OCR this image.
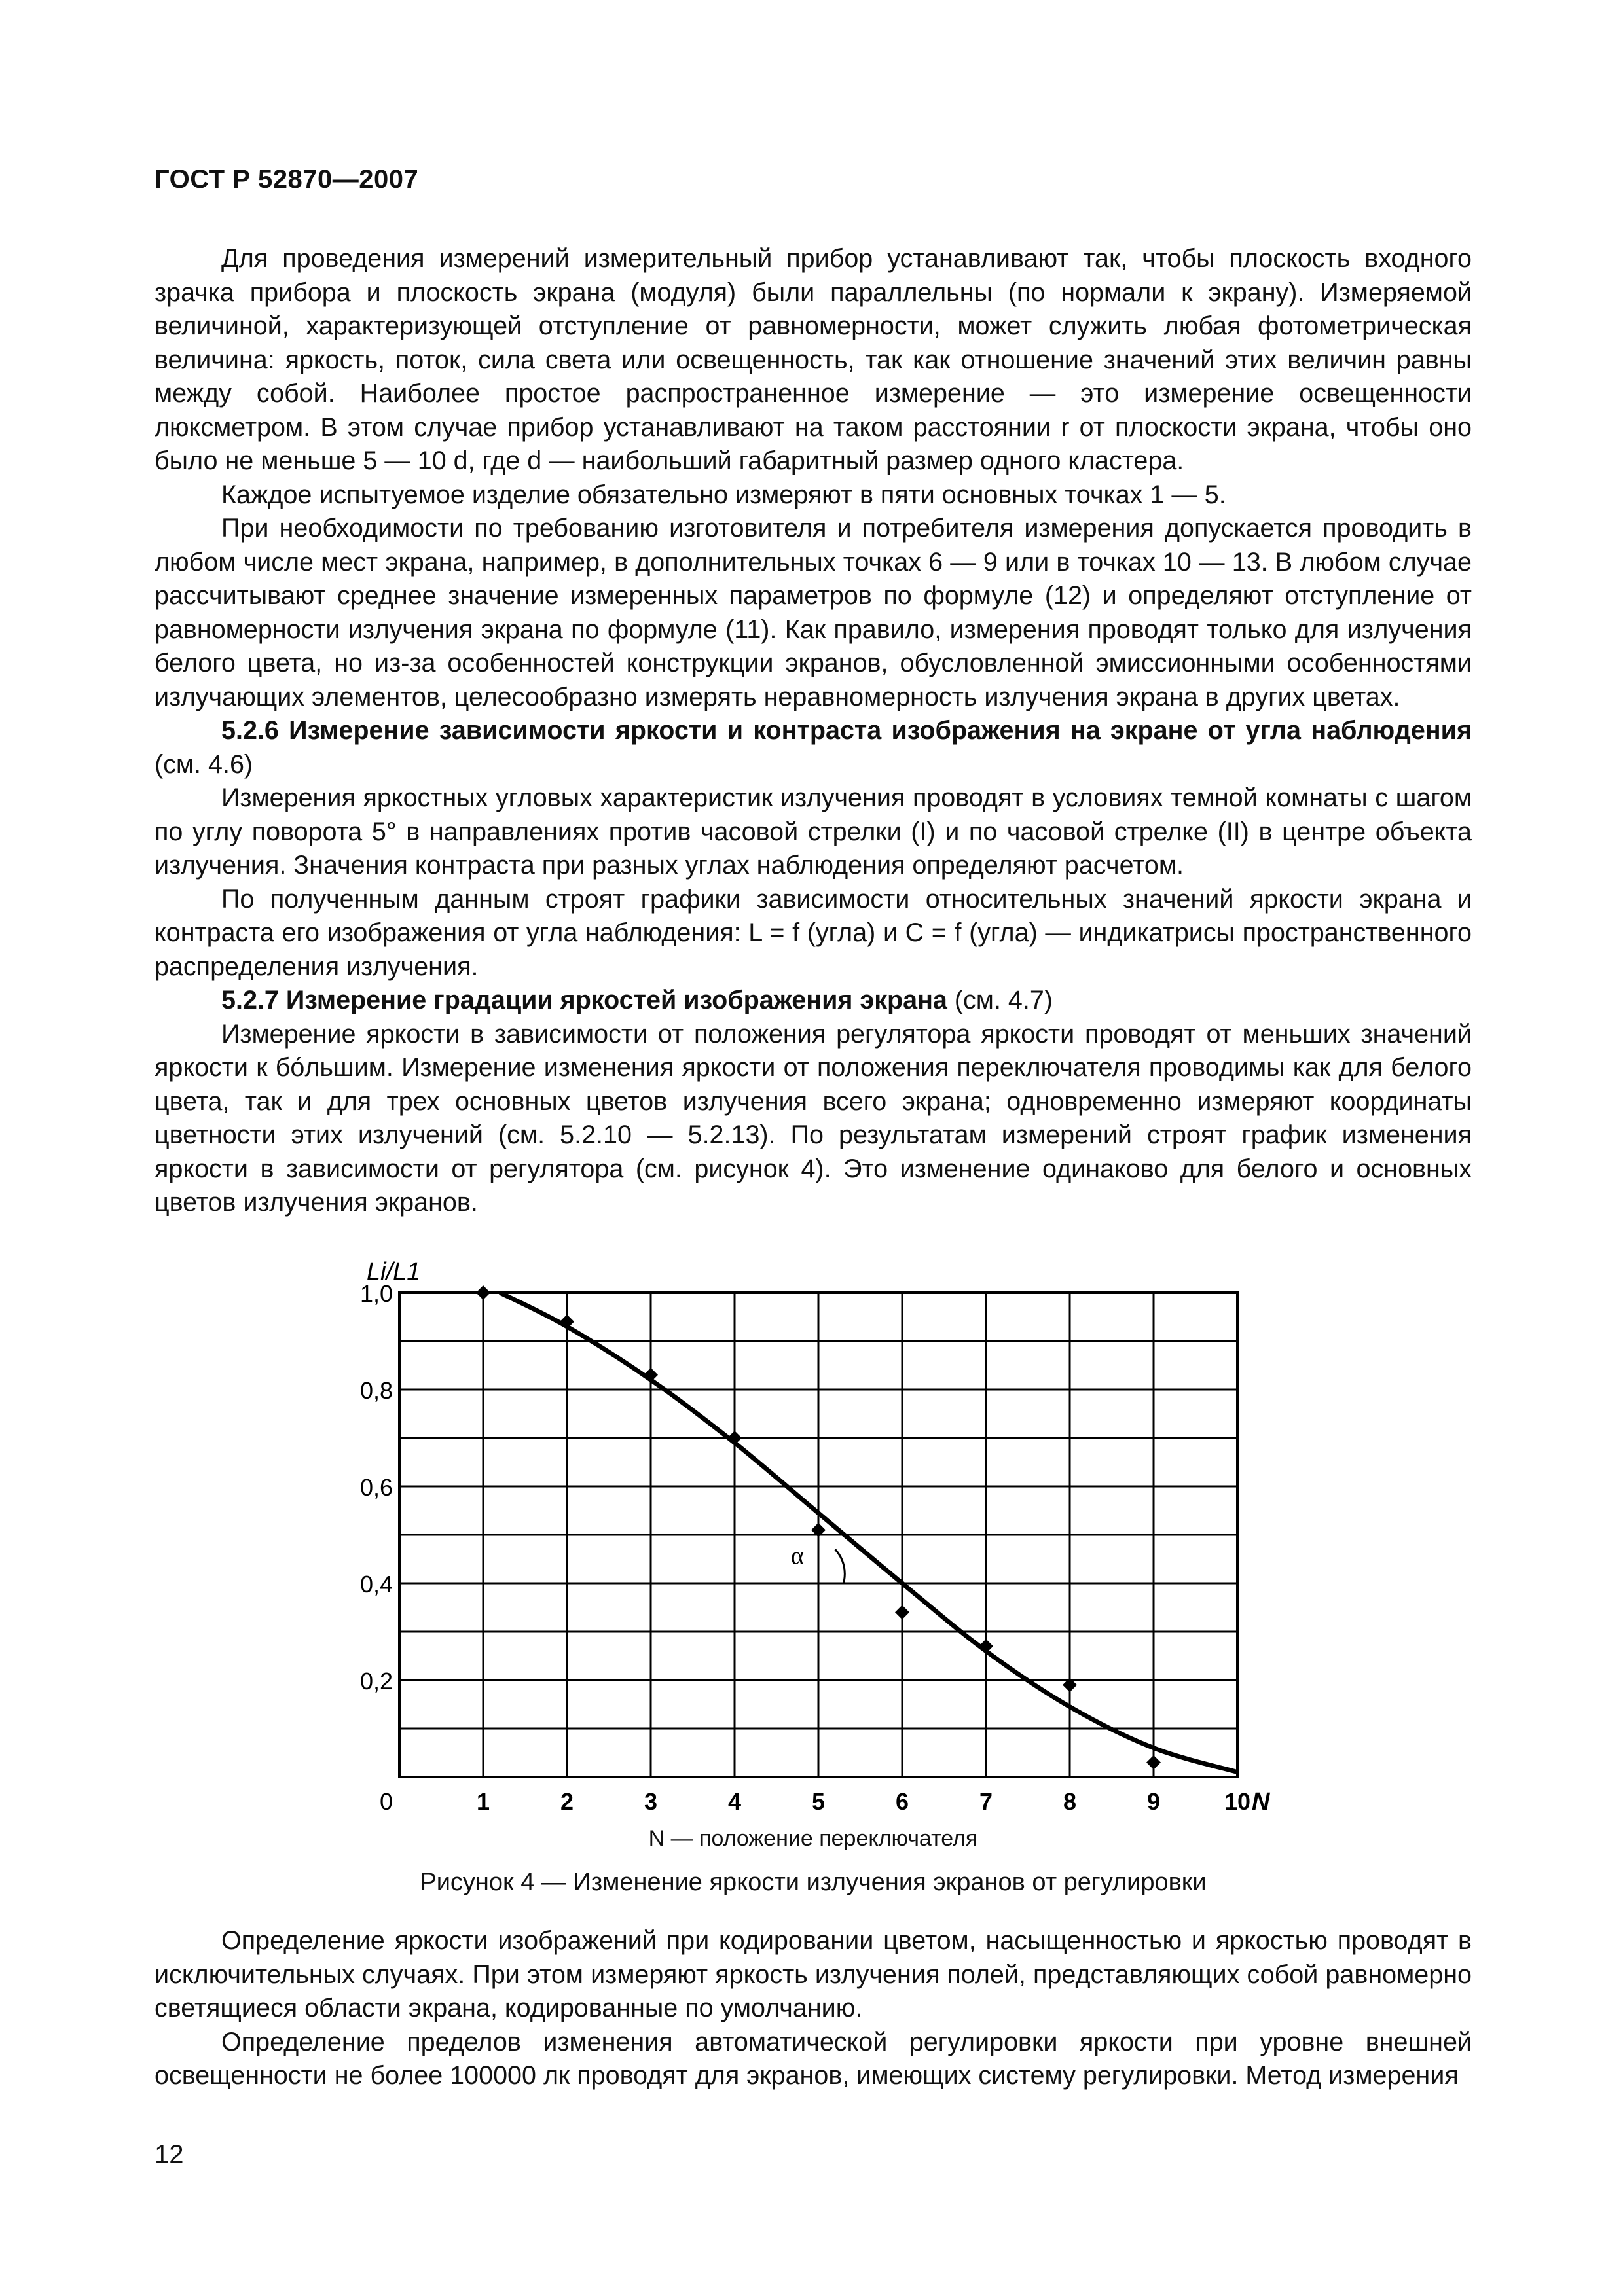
ГОСТ Р 52870—2007

Для проведения измерений измерительный прибор устанавливают так, чтобы плоскость входного зрачка прибора и плоскость экрана (модуля) были параллельны (по нормали к экрану). Измеряемой величиной, характеризующей отступление от равномерности, может служить любая фотометрическая величина: яркость, поток, сила света или освещенность, так как отношение значений этих величин равны между собой. Наиболее простое распространенное измерение — это измерение освещенности люксметром. В этом случае прибор устанавливают на таком расстоянии r от плоскости экрана, чтобы оно было не меньше 5 — 10 d, где d — наибольший габаритный размер одного кластера.

Каждое испытуемое изделие обязательно измеряют в пяти основных точках 1 — 5.

При необходимости по требованию изготовителя и потребителя измерения допускается проводить в любом числе мест экрана, например, в дополнительных точках 6 — 9 или в точках 10 — 13. В любом случае рассчитывают среднее значение измеренных параметров по формуле (12) и определяют отступление от равномерности излучения экрана по формуле (11). Как правило, измерения проводят только для излучения белого цвета, но из-за особенностей конструкции экранов, обусловленной эмиссионными особенностями излучающих элементов, целесообразно измерять неравномерность излучения экрана в других цветах.

5.2.6 Измерение зависимости яркости и контраста изображения на экране от угла наблюдения (см. 4.6)

Измерения яркостных угловых характеристик излучения проводят в условиях темной комнаты с шагом по углу поворота 5° в направлениях против часовой стрелки (I) и по часовой стрелке (II) в центре объекта излучения. Значения контраста при разных углах наблюдения определяют расчетом.

По полученным данным строят графики зависимости относительных значений яркости экрана и контраста его изображения от угла наблюдения: L = f (угла) и C = f (угла) — индикатрисы пространственного распределения излучения.

5.2.7 Измерение градации яркостей изображения экрана (см. 4.7)

Измерение яркости в зависимости от положения регулятора яркости проводят от меньших значений яркости к бо́льшим. Измерение изменения яркости от положения переключателя проводимы как для белого цвета, так и для трех основных цветов излучения всего экрана; одновременно измеряют координаты цветности этих излучений (см. 5.2.10 — 5.2.13). По результатам измерений строят график изменения яркости в зависимости от регулятора (см. рисунок 4). Это изменение одинаково для белого и основных цветов излучения экранов.

0,2
0,4
0,6
0,8
1,0
0	1	2	3	4	5	6	7	8	9	10
Li/L1
N
α
N — положение переключателя
Рисунок 4 — Изменение яркости излучения экранов от регулировки

Определение яркости изображений при кодировании цветом, насыщенностью и яркостью проводят в исключительных случаях. При этом измеряют яркость излучения полей, представляющих собой равномерно светящиеся области экрана, кодированные по умолчанию.

Определение пределов изменения автоматической регулировки яркости при уровне внешней освещенности не более 100000 лк проводят для экранов, имеющих систему регулировки. Метод измерения

12
